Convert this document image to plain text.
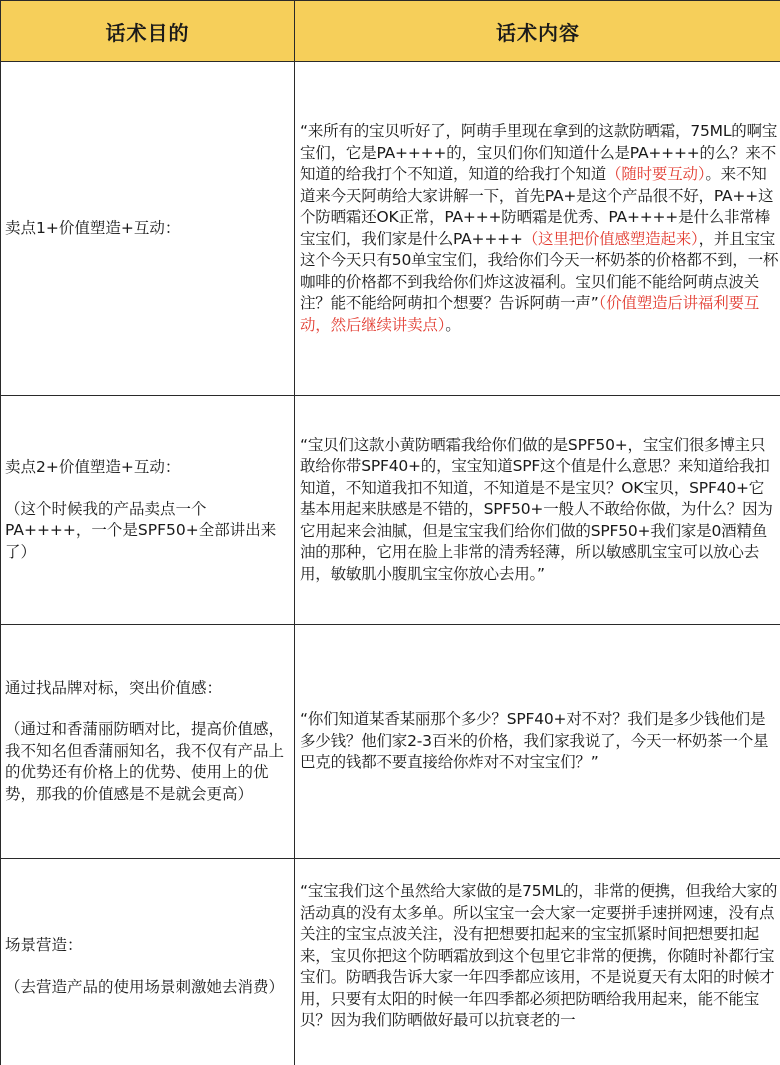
话术目的	话术内容

卖点1+价值塑造+互动：	“来所有的宝贝听好了，阿萌手里现在拿到的这款防晒霜，75ML的啊宝宝们，它是PA++++的，宝贝们你们知道什么是PA++++的么？来不知道的给我打个不知道，知道的给我打个知道（随时要互动）。来不知道来今天阿萌给大家讲解一下，首先PA+是这个产品很不好，PA++这个防晒霜还OK正常，PA+++防晒霜是优秀、PA++++是什么非常棒宝宝们，我们家是什么PA++++（这里把价值感塑造起来），并且宝宝这个今天只有50单宝宝们，我给你们今天一杯奶茶的价格都不到，一杯咖啡的价格都不到我给你们炸这波福利。宝贝们能不能给阿萌点波关注？能不能给阿萌扣个想要？告诉阿萌一声”（价值塑造后讲福利要互动，然后继续讲卖点）。

卖点2+价值塑造+互动：
（这个时候我的产品卖点一个PA++++，一个是SPF50+全部讲出来了）	“宝贝们这款小黄防晒霜我给你们做的是SPF50+，宝宝们很多博主只敢给你带SPF40+的，宝宝知道SPF这个值是什么意思？来知道给我扣知道，不知道我扣不知道，不知道是不是宝贝？OK宝贝，SPF40+它基本用起来肤感是不错的，SPF50+一般人不敢给你做，为什么？因为它用起来会油腻，但是宝宝我们给你们做的SPF50+我们家是0酒精鱼油的那种，它用在脸上非常的清秀轻薄，所以敏感肌宝宝可以放心去用，敏敏肌小腹肌宝宝你放心去用。”

通过找品牌对标，突出价值感：
（通过和香蒲丽防晒对比，提高价值感，我不知名但香蒲丽知名，我不仅有产品上的优势还有价格上的优势、使用上的优势，那我的价值感是不是就会更高）	“你们知道某香某丽那个多少？SPF40+对不对？我们是多少钱他们是多少钱？他们家2-3百米的价格，我们家我说了，今天一杯奶茶一个星巴克的钱都不要直接给你炸对不对宝宝们？”

场景营造：
（去营造产品的使用场景刺激她去消费）	“宝宝我们这个虽然给大家做的是75ML的，非常的便携，但我给大家的活动真的没有太多单。所以宝宝一会大家一定要拼手速拼网速，没有点关注的宝宝点波关注，没有把想要扣起来的宝宝抓紧时间把想要扣起来，宝贝你把这个防晒霜放到这个包里它非常的便携，你随时补都行宝宝们。防晒我告诉大家一年四季都应该用，不是说夏天有太阳的时候才用，只要有太阳的时候一年四季都必须把防晒给我用起来，能不能宝贝？因为我们防晒做好最可以抗衰老的一
